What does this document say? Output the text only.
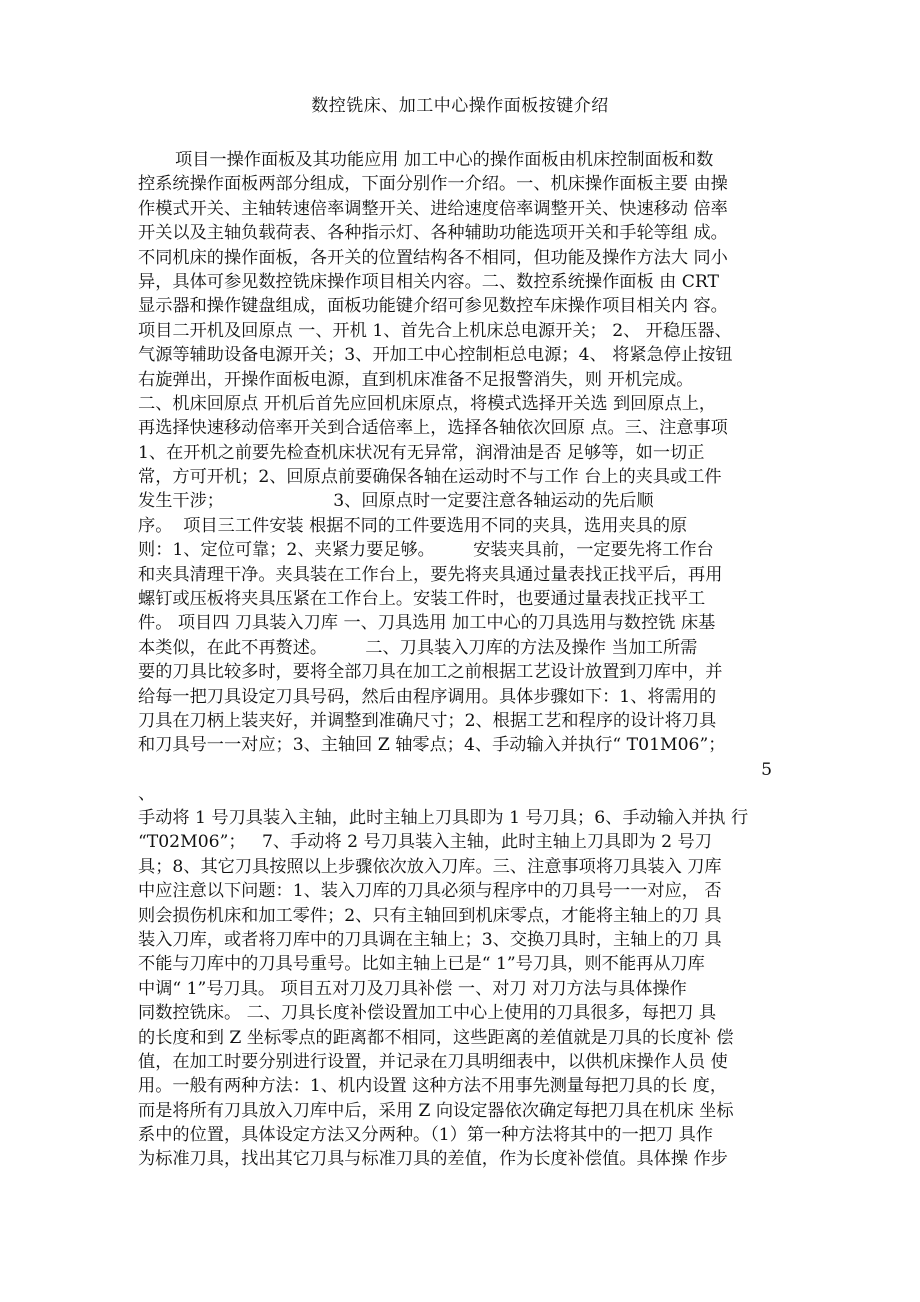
数控铣床、加工中心操作面板按键介绍
项目一操作面板及其功能应用 加工中心的操作面板由机床控制面板和数
控系统操作面板两部分组成，下面分别作一介绍。一、机床操作面板主要 由操
作模式开关、主轴转速倍率调整开关、进给速度倍率调整开关、快速移动 倍率
开关以及主轴负载荷表、各种指示灯、各种辅助功能选项开关和手轮等组 成。
不同机床的操作面板，各开关的位置结构各不相同，但功能及操作方法大 同小
异，具体可参见数控铣床操作项目相关内容。二、数控系统操作面板 由 CRT
显示器和操作键盘组成，面板功能键介绍可参见数控车床操作项目相关内 容。
项目二开机及回原点 一、开机 1、首先合上机床总电源开关； 2、 开稳压器、
气源等辅助设备电源开关；3、开加工中心控制柜总电源；4、 将紧急停止按钮
右旋弹出，开操作面板电源，直到机床准备不足报警消失，则 开机完成。
二、机床回原点 开机后首先应回机床原点，将模式选择开关选 到回原点上，
再选择快速移动倍率开关到合适倍率上，选择各轴依次回原 点。三、注意事项
1、在开机之前要先检查机床状况有无异常，润滑油是否 足够等，如一切正
常，方可开机；2、回原点前要确保各轴在运动时不与工作 台上的夹具或工件
发生干涉；                    3、回原点时一定要注意各轴运动的先后顺
序。  项目三工件安装 根据不同的工件要选用不同的夹具，选用夹具的原
则：1、定位可靠；2、夹紧力要足够。       安装夹具前，一定要先将工作台
和夹具清理干净。夹具装在工作台上，要先将夹具通过量表找正找平后，再用
螺钉或压板将夹具压紧在工作台上。安装工件时，也要通过量表找正找平工
件。 项目四 刀具装入刀库 一、刀具选用 加工中心的刀具选用与数控铣 床基
本类似，在此不再赘述。       二、刀具装入刀库的方法及操作 当加工所需
要的刀具比较多时，要将全部刀具在加工之前根据工艺设计放置到刀库中，并
给每一把刀具设定刀具号码，然后由程序调用。具体步骤如下：1、将需用的
刀具在刀柄上装夹好，并调整到准确尺寸；2、根据工艺和程序的设计将刀具
和刀具号一一对应；3、主轴回 Z 轴零点；4、手动输入并执行“ T01M06”；
5
、
手动将 1 号刀具装入主轴，此时主轴上刀具即为 1 号刀具；6、手动输入并执 行
“T02M06”；   7、手动将 2 号刀具装入主轴，此时主轴上刀具即为 2 号刀
具；8、其它刀具按照以上步骤依次放入刀库。三、注意事项将刀具装入 刀库
中应注意以下问题：1、装入刀库的刀具必须与程序中的刀具号一一对应， 否
则会损伤机床和加工零件；2、只有主轴回到机床零点，才能将主轴上的刀 具
装入刀库，或者将刀库中的刀具调在主轴上；3、交换刀具时，主轴上的刀 具
不能与刀库中的刀具号重号。比如主轴上已是“ 1”号刀具，则不能再从刀库
中调“ 1”号刀具。 项目五对刀及刀具补偿 一、对刀 对刀方法与具体操作
同数控铣床。 二、刀具长度补偿设置加工中心上使用的刀具很多，每把刀 具
的长度和到 Z 坐标零点的距离都不相同，这些距离的差值就是刀具的长度补 偿
值，在加工时要分别进行设置，并记录在刀具明细表中，以供机床操作人员 使
用。一般有两种方法：1、机内设置 这种方法不用事先测量每把刀具的长 度，
而是将所有刀具放入刀库中后，采用 Z 向设定器依次确定每把刀具在机床 坐标
系中的位置，具体设定方法又分两种。（1）第一种方法将其中的一把刀 具作
为标准刀具，找出其它刀具与标准刀具的差值，作为长度补偿值。具体操 作步
